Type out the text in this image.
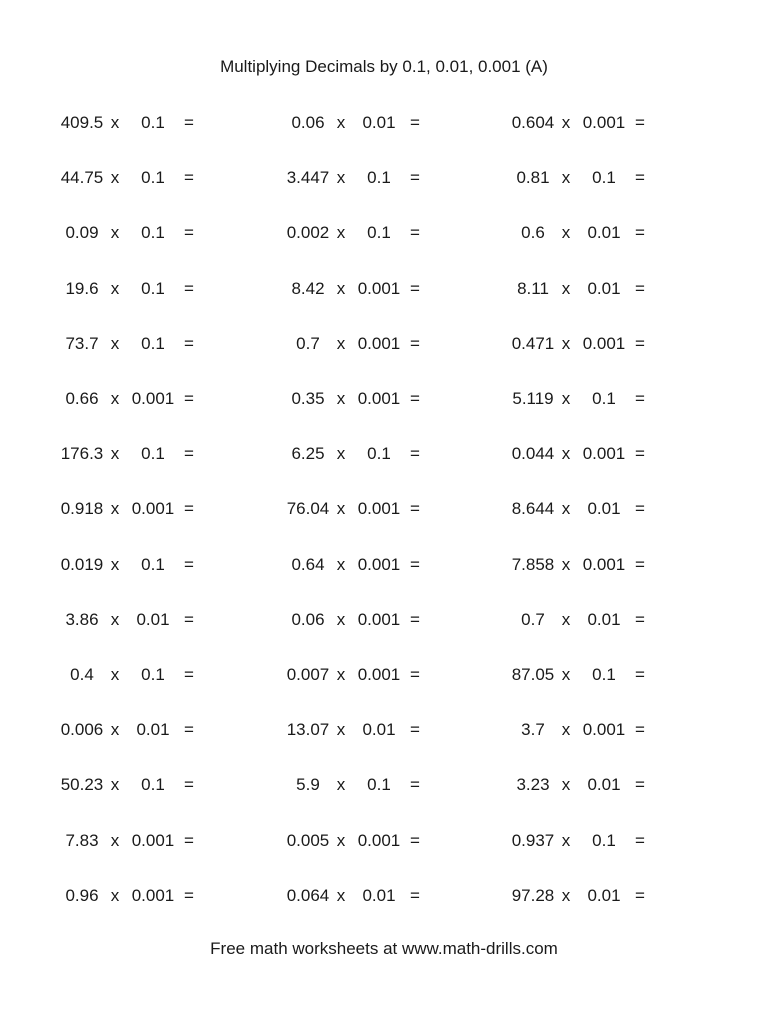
Multiplying Decimals by 0.1, 0.01, 0.001 (A)
409.5 x	0.1	=	0.06 x	0.01 =	0.604 x 0.001 =
44.75 x	0.1	=	3.447 x	0.1	=	0.81 x	0.1	=
0.09 x	0.1	=	0.002 x	0.1	=	0.6 x	0.01 =
19.6 x	0.1	=	8.42 x 0.001 =	8.11 x	0.01 =
73.7 x	0.1	=	0.7 x 0.001 =	0.471 x 0.001 =
0.66 x 0.001 =	0.35 x 0.001 =	5.119 x	0.1	=
176.3 x	0.1	=	6.25 x	0.1	=	0.044 x 0.001 =
0.918 x 0.001 =	76.04 x 0.001 =	8.644 x	0.01 =
0.019 x	0.1	=	0.64 x 0.001 =	7.858 x 0.001 =
3.86 x	0.01 =	0.06 x 0.001 =	0.7 x	0.01 =
0.4 x	0.1	=	0.007 x 0.001 =	87.05 x	0.1	=
0.006 x	0.01 =	13.07 x	0.01 =	3.7 x 0.001 =
50.23 x	0.1	=	5.9 x	0.1	=	3.23 x	0.01 =
7.83 x 0.001 =	0.005 x 0.001 =	0.937 x	0.1	=
0.96 x 0.001 =	0.064 x	0.01 =	97.28 x	0.01 =
Free math worksheets at www.math-drills.com
